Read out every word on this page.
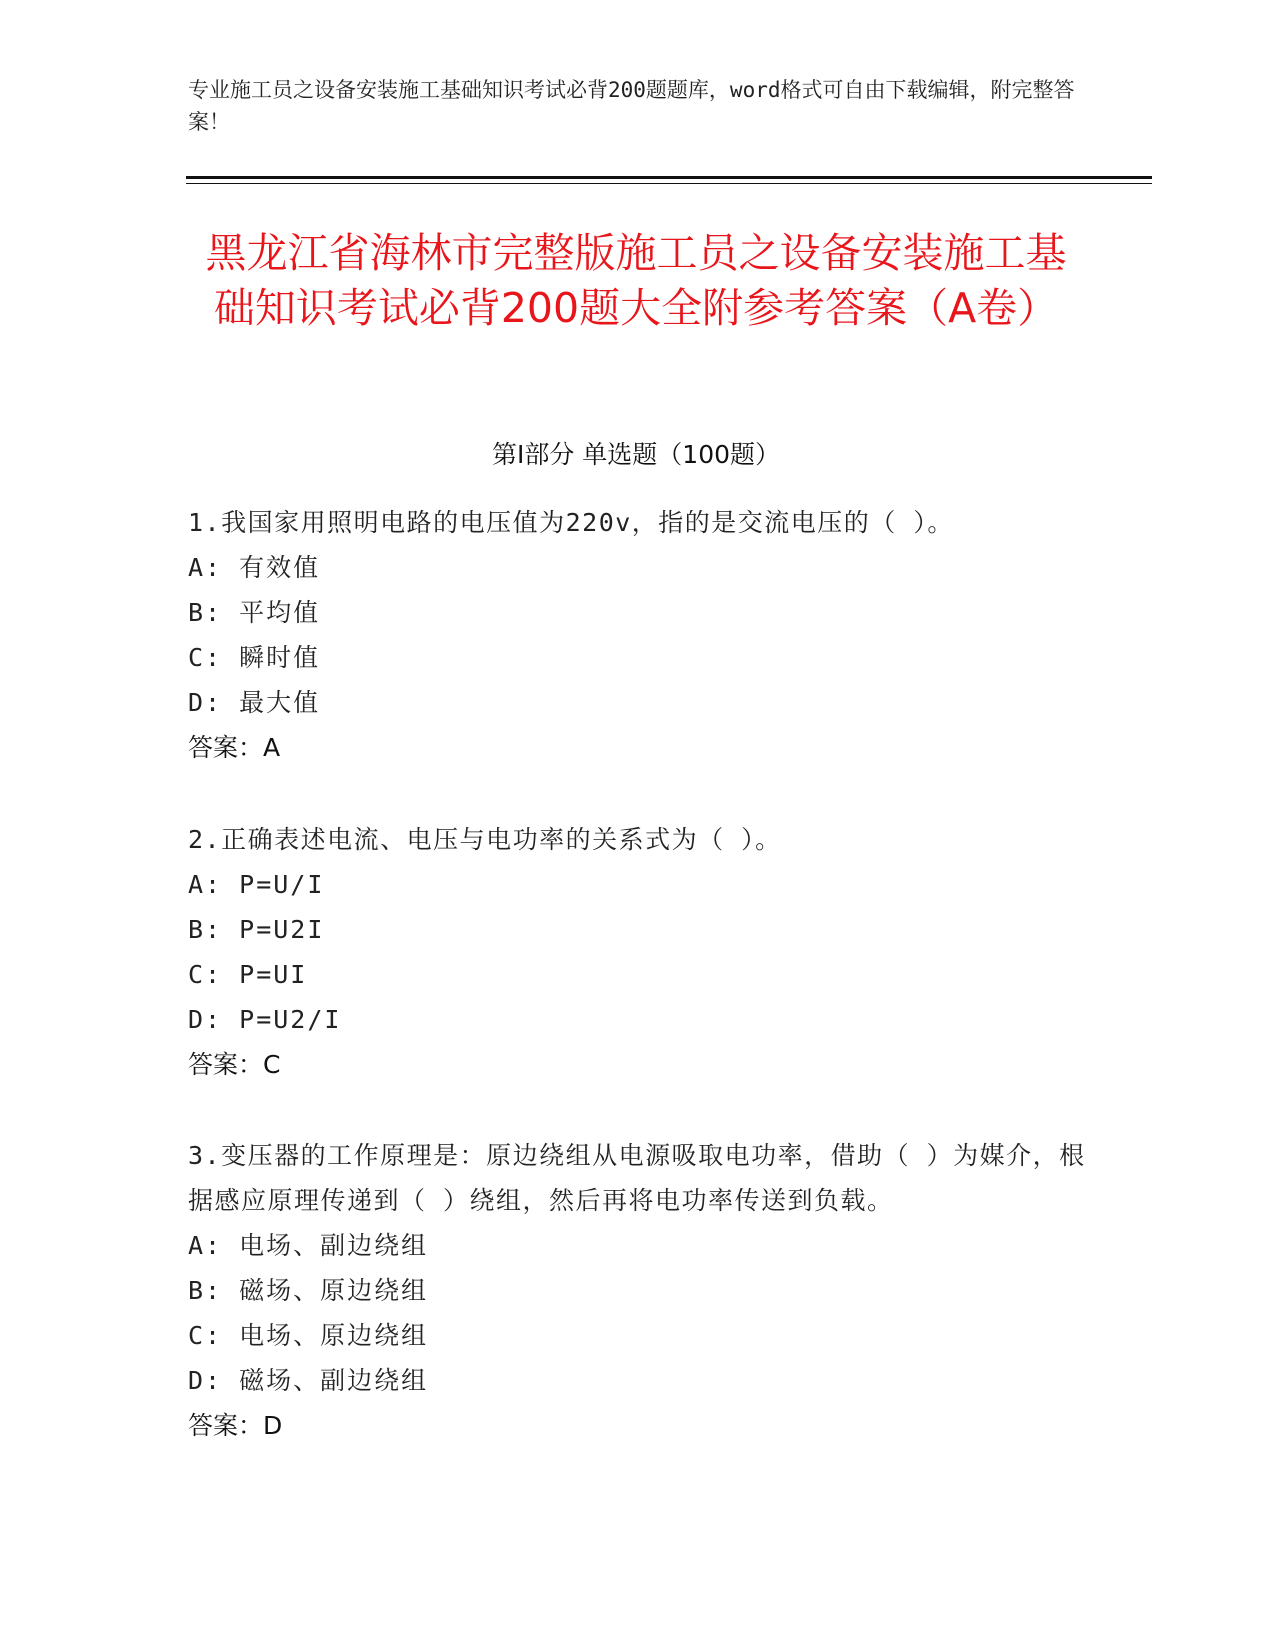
专业施工员之设备安装施工基础知识考试必背200题题库，word格式可自由下载编辑，附完整答案！
黑龙江省海林市完整版施工员之设备安装施工基础知识考试必背200题大全附参考答案（A卷）
第Ⅰ部分 单选题（100题）
1.我国家用照明电路的电压值为220v，指的是交流电压的（ ）。
A: 有效值
B: 平均值
C: 瞬时值
D: 最大值
答案：A
2.正确表述电流、电压与电功率的关系式为（ ）。
A: P=U/I
B: P=U2I
C: P=UI
D: P=U2/I
答案：C
3.变压器的工作原理是：原边绕组从电源吸取电功率，借助（ ）为媒介，根据感应原理传递到（ ）绕组，然后再将电功率传送到负载。
A: 电场、副边绕组
B: 磁场、原边绕组
C: 电场、原边绕组
D: 磁场、副边绕组
答案：D
